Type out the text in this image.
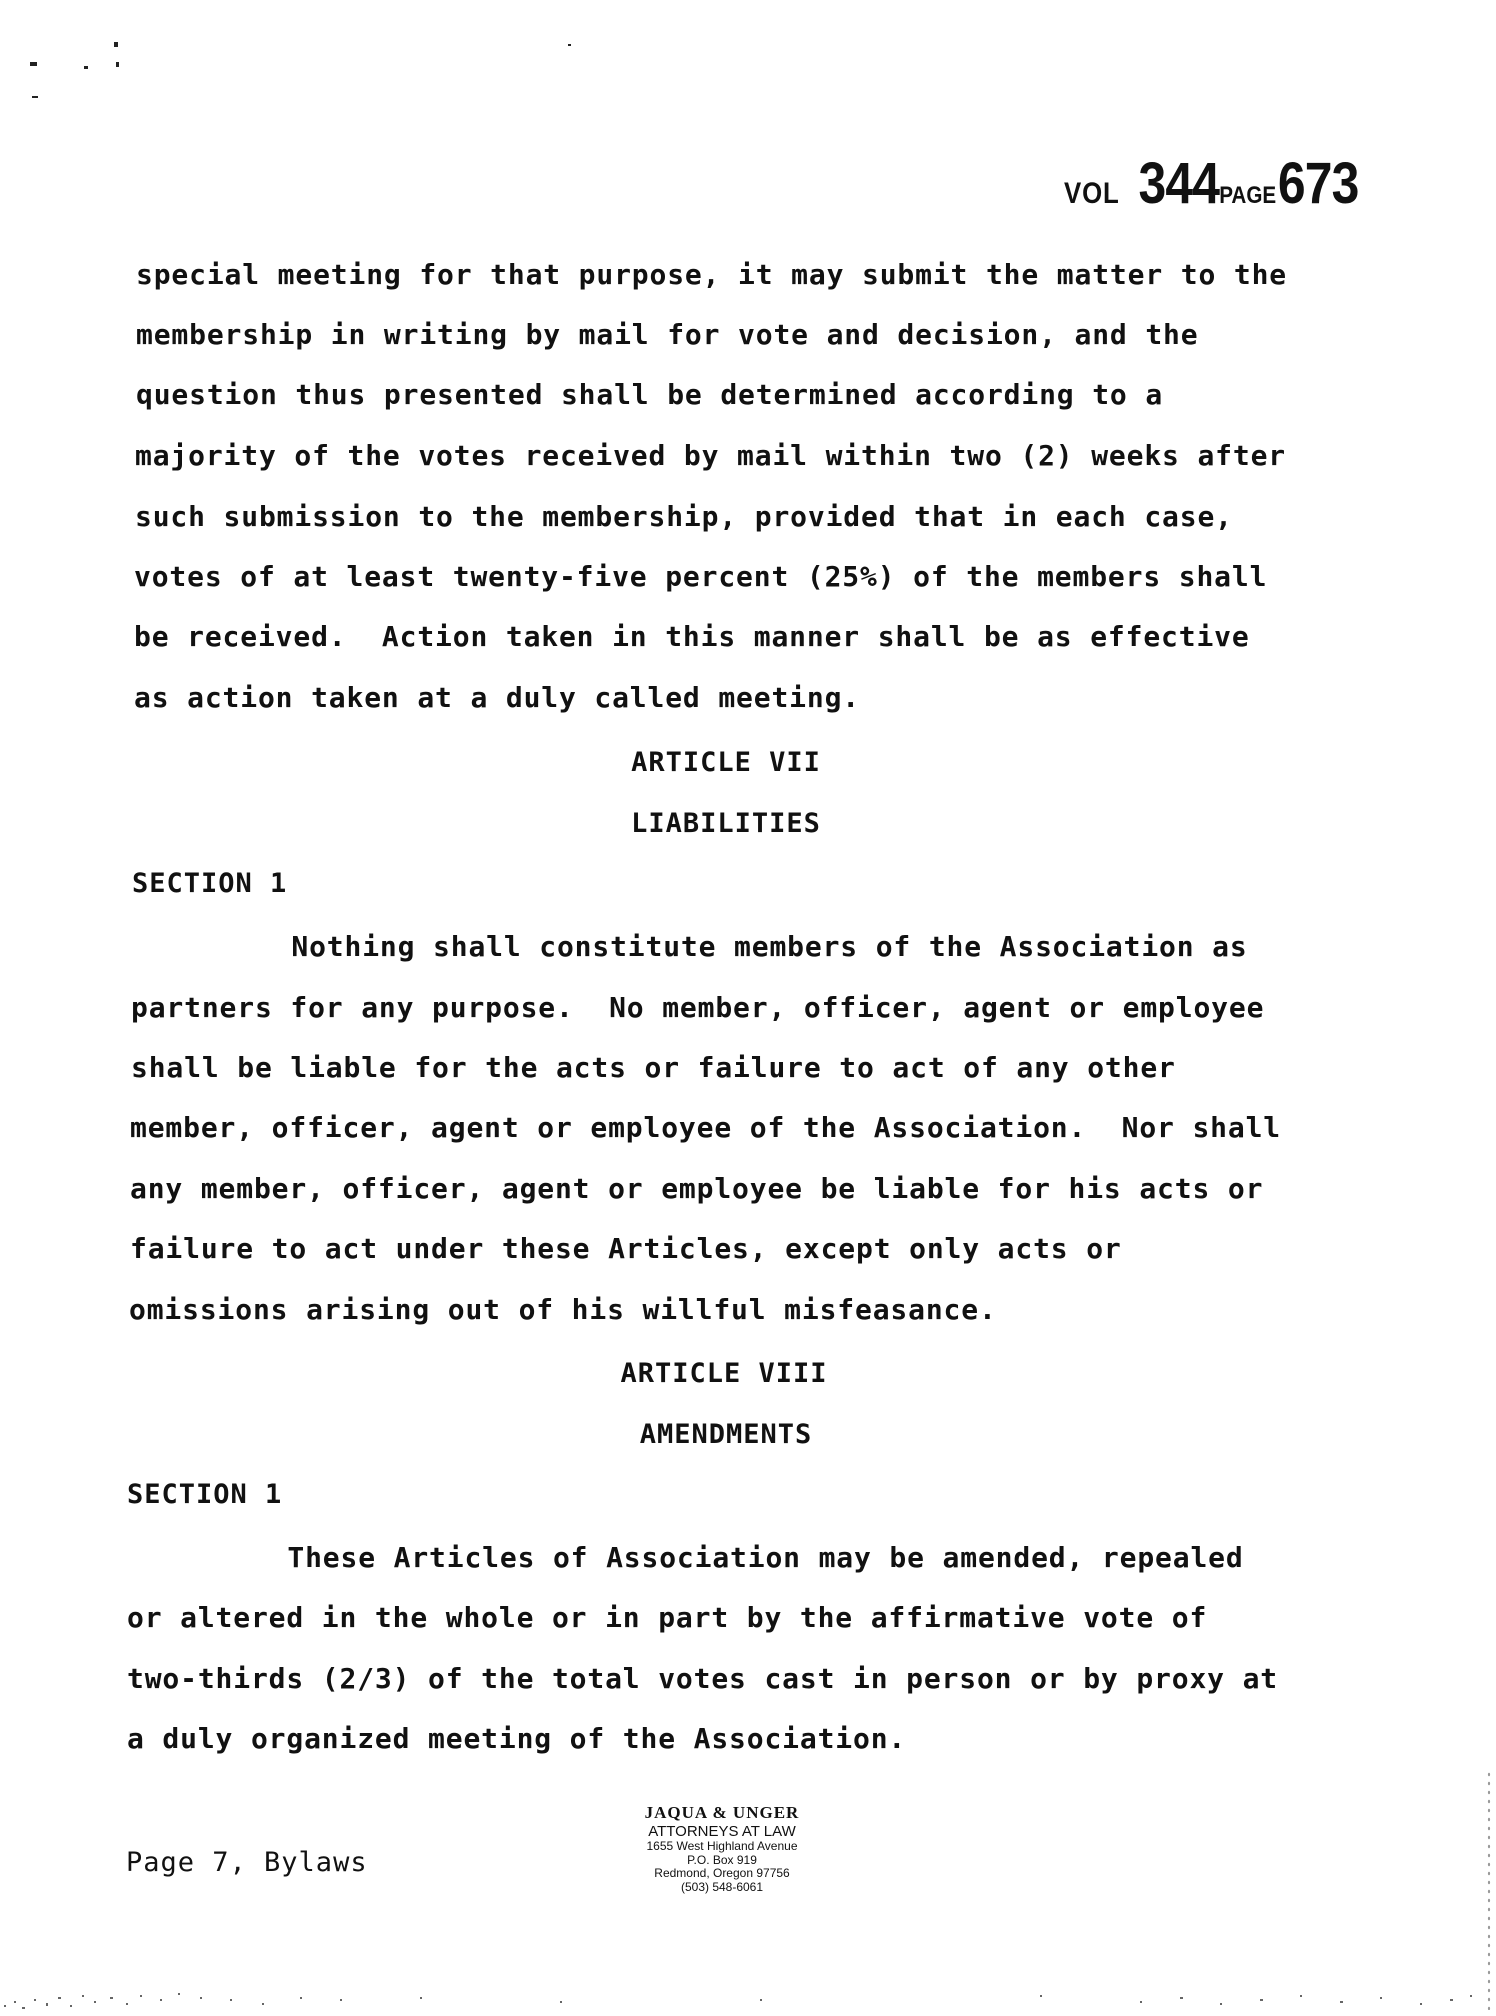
VOL 344 PAGE 673
special meeting for that purpose, it may submit the matter to the
membership in writing by mail for vote and decision, and the
question thus presented shall be determined according to a
majority of the votes received by mail within two (2) weeks after
such submission to the membership, provided that in each case,
votes of at least twenty-five percent (25%) of the members shall
be received.  Action taken in this manner shall be as effective
as action taken at a duly called meeting.
ARTICLE VII
LIABILITIES
SECTION 1
Nothing shall constitute members of the Association as
partners for any purpose.  No member, officer, agent or employee
shall be liable for the acts or failure to act of any other
member, officer, agent or employee of the Association.  Nor shall
any member, officer, agent or employee be liable for his acts or
failure to act under these Articles, except only acts or
omissions arising out of his willful misfeasance.
ARTICLE VIII
AMENDMENTS
SECTION 1
These Articles of Association may be amended, repealed
or altered in the whole or in part by the affirmative vote of
two-thirds (2/3) of the total votes cast in person or by proxy at
a duly organized meeting of the Association.
Page 7, Bylaws
JAQUA & UNGER
ATTORNEYS AT LAW
1655 West Highland Avenue
P.O. Box 919
Redmond, Oregon 97756
(503) 548-6061
